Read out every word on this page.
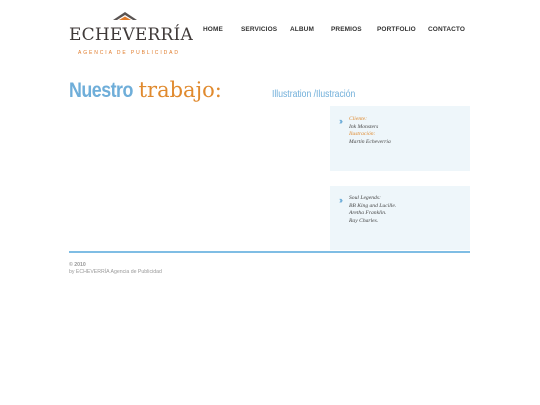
ECHEVERRÍA
AGENCIA DE PUBLICIDAD
HOME	SERVICIOS ALBUM	PREMIOS PORTFOLIO CONTACTO
Nuestro trabajo:	Illustration /Ilustración
›› Cliente:
Ink Monsters
Ilustración:
Martin Echeverria
›› Soul Legends:
BB King and Lucille.
Aretha Franklin.
Ray Charles.
© 2010
by ECHEVERRÍA Agencia de Publicidad
